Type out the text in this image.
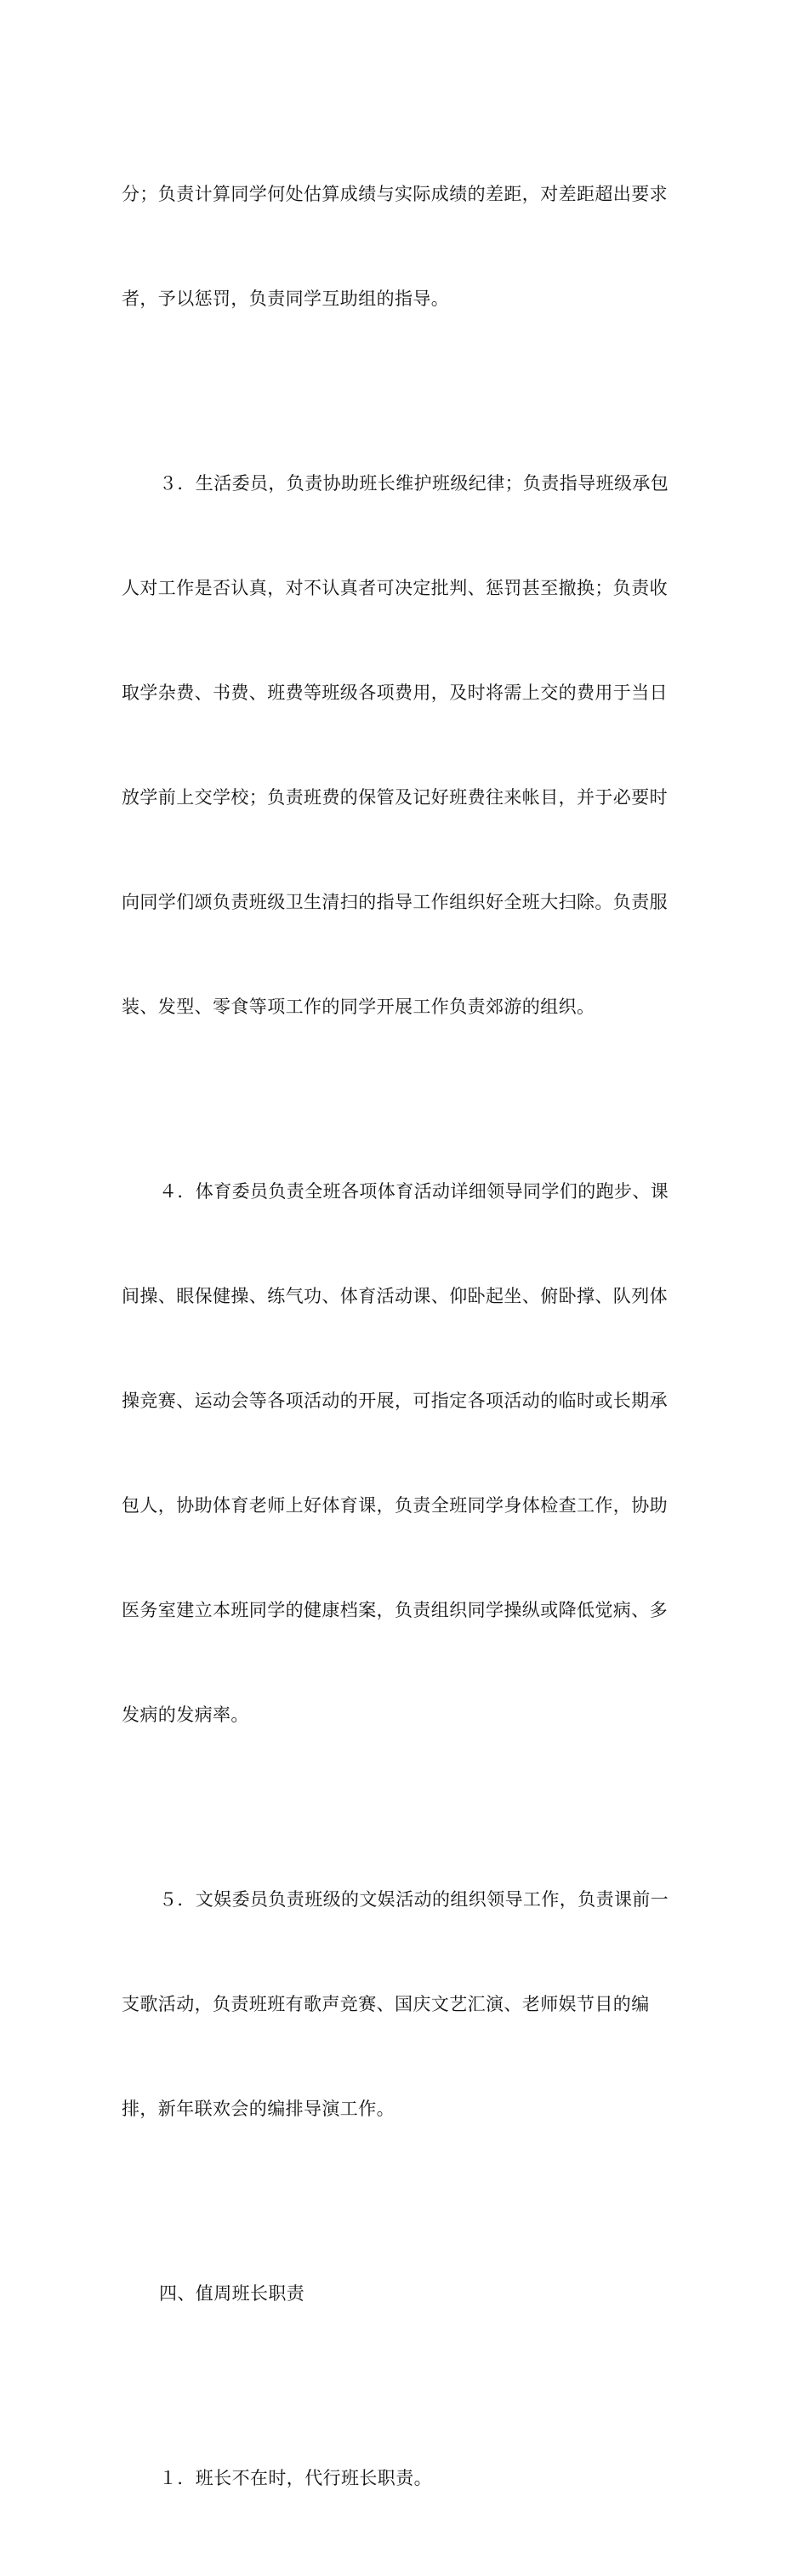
分；负责计算同学何处估算成绩与实际成绩的差距，对差距超出要求

者，予以惩罚，负责同学互助组的指导。

３．生活委员，负责协助班长维护班级纪律；负责指导班级承包

人对工作是否认真，对不认真者可决定批判、惩罚甚至撤换；负责收

取学杂费、书费、班费等班级各项费用，及时将需上交的费用于当日

放学前上交学校；负责班费的保管及记好班费往来帐目，并于必要时

向同学们颂负责班级卫生清扫的指导工作组织好全班大扫除。负责服

装、发型、零食等项工作的同学开展工作负责郊游的组织。

４．体育委员负责全班各项体育活动详细领导同学们的跑步、课

间操、眼保健操、练气功、体育活动课、仰卧起坐、俯卧撑、队列体

操竞赛、运动会等各项活动的开展，可指定各项活动的临时或长期承

包人，协助体育老师上好体育课，负责全班同学身体检查工作，协助

医务室建立本班同学的健康档案，负责组织同学操纵或降低觉病、多

发病的发病率。

５．文娱委员负责班级的文娱活动的组织领导工作，负责课前一

支歌活动，负责班班有歌声竞赛、国庆文艺汇演、老师娱节目的编

排，新年联欢会的编排导演工作。

四、值周班长职责

１．班长不在时，代行班长职责。
